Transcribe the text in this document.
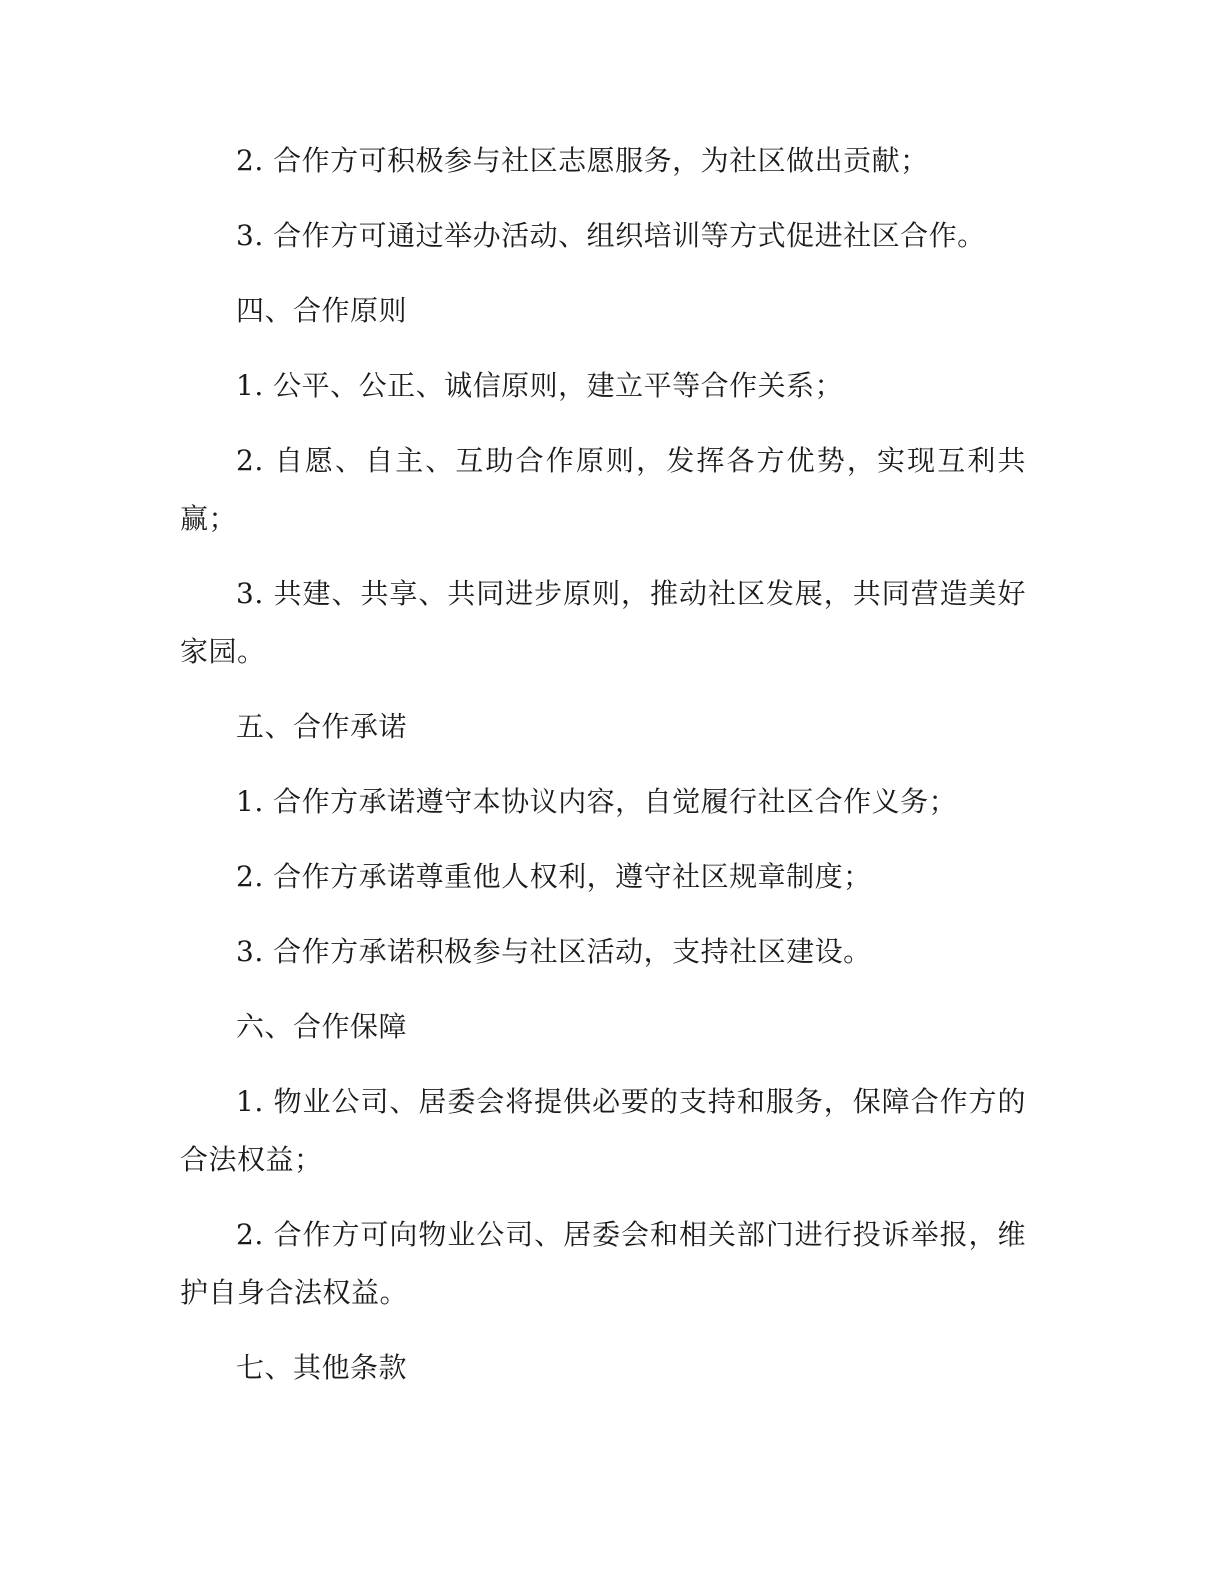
2. 合作方可积极参与社区志愿服务，为社区做出贡献；

3. 合作方可通过举办活动、组织培训等方式促进社区合作。

四、合作原则

1. 公平、公正、诚信原则，建立平等合作关系；

2. 自愿、自主、互助合作原则，发挥各方优势，实现互利共赢；

3. 共建、共享、共同进步原则，推动社区发展，共同营造美好家园。

五、合作承诺

1. 合作方承诺遵守本协议内容，自觉履行社区合作义务；

2. 合作方承诺尊重他人权利，遵守社区规章制度；

3. 合作方承诺积极参与社区活动，支持社区建设。

六、合作保障

1. 物业公司、居委会将提供必要的支持和服务，保障合作方的合法权益；

2. 合作方可向物业公司、居委会和相关部门进行投诉举报，维护自身合法权益。

七、其他条款
